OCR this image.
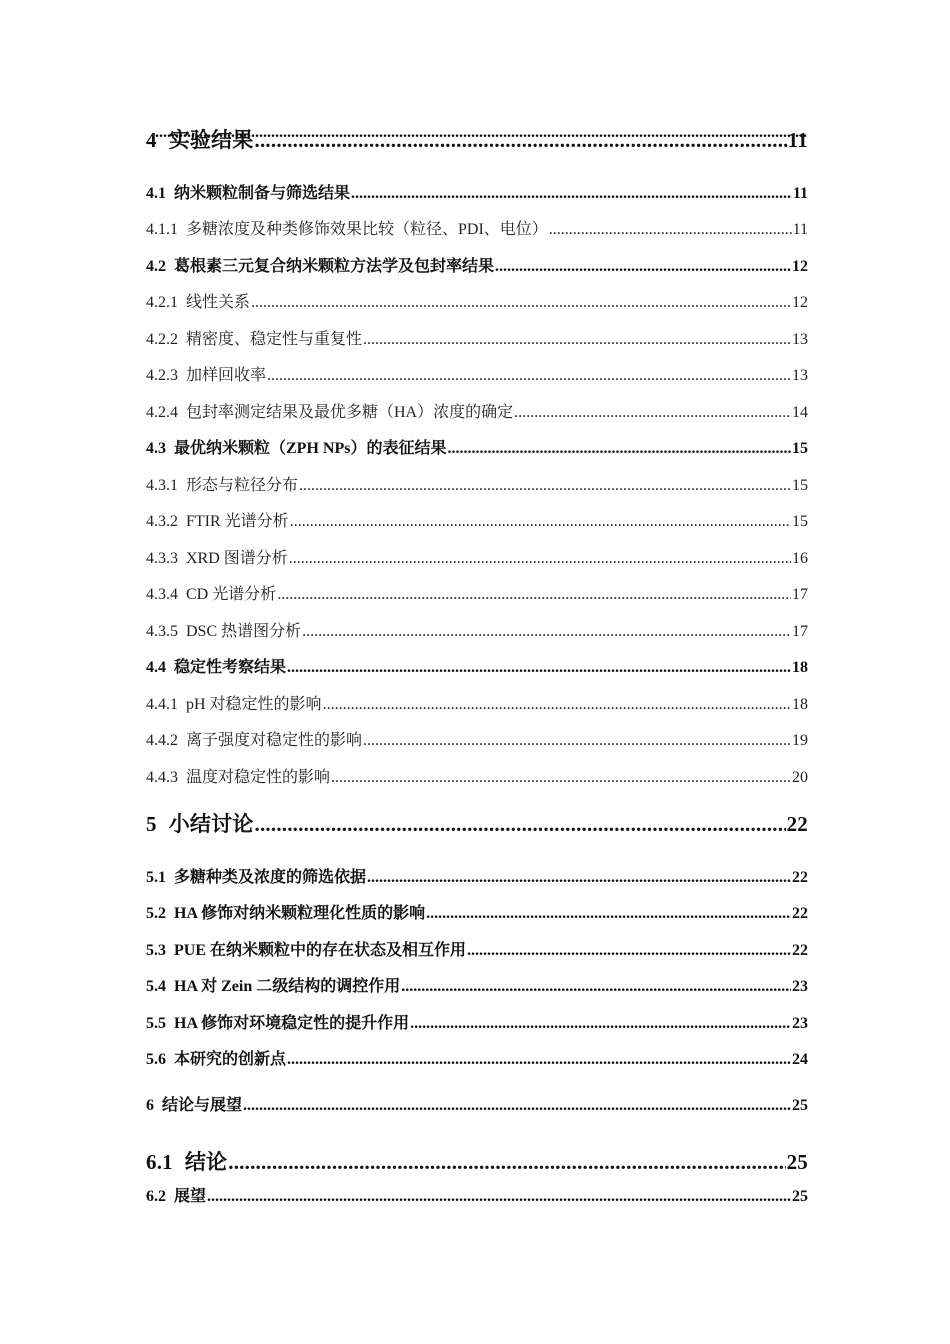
4 实验结果 .....	11
4.1 纳米颗粒制备与筛选结果 .....	11
4.1.1 多糖浓度及种类修饰效果比较（粒径、PDI、电位） .....	11
4.2 葛根素三元复合纳米颗粒方法学及包封率结果 .....	12
4.2.1 线性关系 .....	12
4.2.2 精密度、稳定性与重复性 .....	13
4.2.3 加样回收率 .....	13
4.2.4 包封率测定结果及最优多糖（HA）浓度的确定 .....	14
4.3 最优纳米颗粒（ZPH NPs）的表征结果 .....	15
4.3.1 形态与粒径分布 .....	15
4.3.2 FTIR 光谱分析 .....	15
4.3.3 XRD 图谱分析 .....	16
4.3.4 CD 光谱分析 .....	17
4.3.5 DSC 热谱图分析 .....	17
4.4 稳定性考察结果 .....	18
4.4.1 pH 对稳定性的影响 .....	18
4.4.2 离子强度对稳定性的影响 .....	19
4.4.3 温度对稳定性的影响 .....	20
5 小结讨论 .....	22
5.1 多糖种类及浓度的筛选依据 .....	22
5.2 HA 修饰对纳米颗粒理化性质的影响 .....	22
5.3 PUE 在纳米颗粒中的存在状态及相互作用 .....	22
5.4 HA 对 Zein 二级结构的调控作用 .....	23
5.5 HA 修饰对环境稳定性的提升作用 .....	23
5.6 本研究的创新点 .....	24
6 结论与展望 .....	25
6.1 结论 .....	25
6.2 展望 .....	25
.....
